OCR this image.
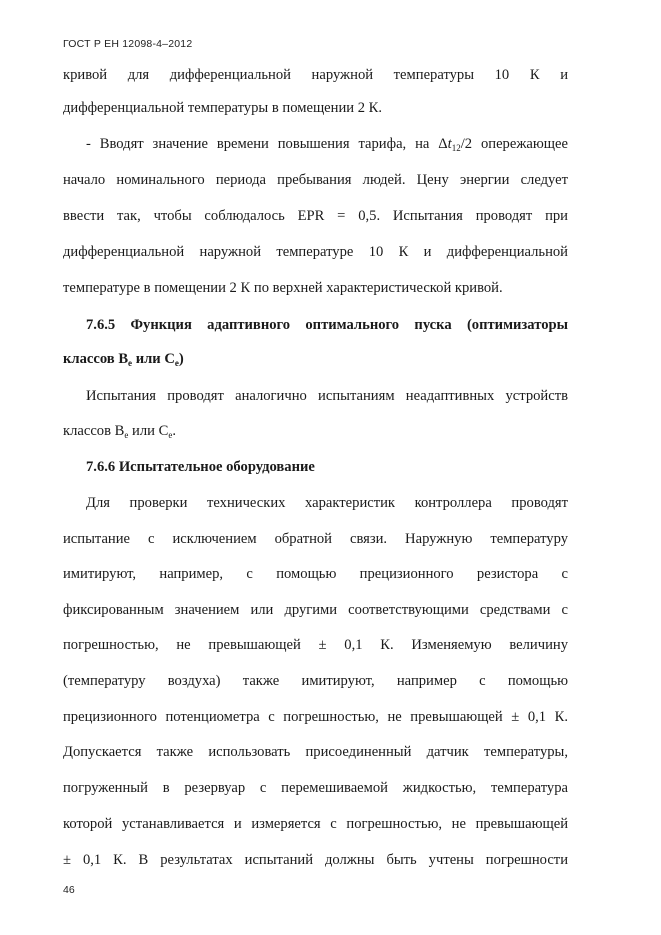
ГОСТ Р ЕН 12098-4–2012
кривой для дифференциальной наружной температуры 10 К и
дифференциальной температуры в помещении 2 К.
- Вводят значение времени повышения тарифа, на $\Delta t_{12}/2$ опережающее
начало номинального периода пребывания людей. Цену энергии следует
ввести так, чтобы соблюдалось EPR = 0,5. Испытания проводят при
дифференциальной наружной температуре 10 К и дифференциальной
температуре в помещении 2 К по верхней характеристической кривой.
7.6.5 Функция адаптивного оптимального пуска (оптимизаторы
классов $B_e$ или $C_e$)
Испытания проводят аналогично испытаниям неадаптивных устройств
классов $B_e$ или $C_e$.
7.6.6 Испытательное оборудование
Для проверки технических характеристик контроллера проводят
испытание с исключением обратной связи. Наружную температуру
имитируют, например, с помощью прецизионного резистора с
фиксированным значением или другими соответствующими средствами с
погрешностью, не превышающей ± 0,1 К. Изменяемую величину
(температуру воздуха) также имитируют, например с помощью
прецизионного потенциометра с погрешностью, не превышающей ± 0,1 К.
Допускается также использовать присоединенный датчик температуры,
погруженный в резервуар с перемешиваемой жидкостью, температура
которой устанавливается и измеряется с погрешностью, не превышающей
± 0,1 К. В результатах испытаний должны быть учтены погрешности
46
